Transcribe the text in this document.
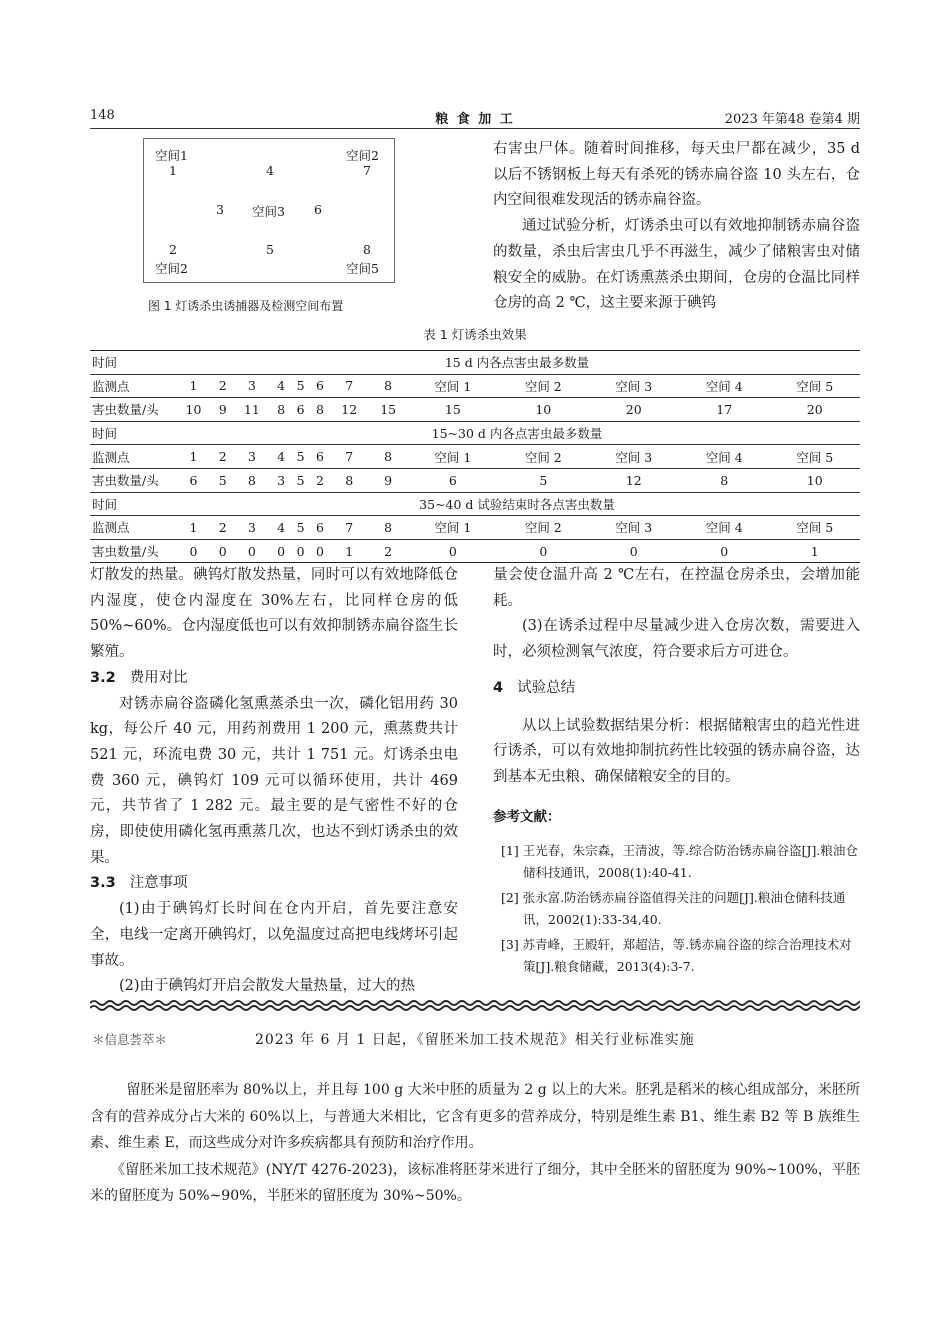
148	粮 食 加 工	2023 年第48 卷第4 期
空间1
1	4
空间2
7
3 空间3 6
2	5	8
空间2	空间5
图 1 灯诱杀虫诱捕器及检测空间布置

右害虫尸体。随着时间推移，每天虫尸都在减少，35 d 以后不锈钢板上每天有杀死的锈赤扁谷盗 10 头左右，仓内空间很难发现活的锈赤扁谷盗。

通过试验分析，灯诱杀虫可以有效地抑制锈赤扁谷盗的数量，杀虫后害虫几乎不再滋生，减少了储粮害虫对储粮安全的威胁。在灯诱熏蒸杀虫期间，仓房的仓温比同样仓房的高 2 ℃，这主要来源于碘钨

表 1 灯诱杀虫效果
时间	15 d 内各点害虫最多数量												
监测点	1	2	3	4	5	6	7	8	空间 1	空间 2	空间 3	空间 4	空间 5
害虫数量/头	10	9	11	8	6	8	12	15	15	10	20	17	20
时间	15~30 d 内各点害虫最多数量												
监测点	1	2	3	4	5	6	7	8	空间 1	空间 2	空间 3	空间 4	空间 5
害虫数量/头	6	5	8	3	5	2	8	9	6	5	12	8	10
时间	35~40 d 试验结束时各点害虫数量												
监测点	1	2	3	4	5	6	7	8	空间 1	空间 2	空间 3	空间 4	空间 5
害虫数量/头	0	0	0	0	0	0	1	2	0	0	0	0	1

灯散发的热量。碘钨灯散发热量，同时可以有效地降低仓内湿度，使仓内湿度在 30%左右，比同样仓房的低 50%~60%。仓内湿度低也可以有效抑制锈赤扁谷盗生长繁殖。

3.2 费用对比

对锈赤扁谷盗磷化氢熏蒸杀虫一次，磷化铝用药 30 kg，每公斤 40 元，用药剂费用 1 200 元，熏蒸费共计 521 元，环流电费 30 元，共计 1 751 元。灯诱杀虫电费 360 元，碘钨灯 109 元可以循环使用，共计 469 元，共节省了 1 282 元。最主要的是气密性不好的仓房，即使使用磷化氢再熏蒸几次，也达不到灯诱杀虫的效果。

3.3 注意事项

(1)由于碘钨灯长时间在仓内开启，首先要注意安全，电线一定离开碘钨灯，以免温度过高把电线烤坏引起事故。

(2)由于碘钨灯开启会散发大量热量，过大的热

量会使仓温升高 2 ℃左右，在控温仓房杀虫，会增加能耗。

(3)在诱杀过程中尽量减少进入仓房次数，需要进入时，必须检测氧气浓度，符合要求后方可进仓。

4 试验总结

从以上试验数据结果分析：根据储粮害虫的趋光性进行诱杀，可以有效地抑制抗药性比较强的锈赤扁谷盗，达到基本无虫粮、确保储粮安全的目的。

参考文献：

[1] 王光春，朱宗森，王清波，等.综合防治锈赤扁谷盗[J].粮油仓储科技通讯，2008(1):40-41.

[2] 张永富.防治锈赤扁谷盗值得关注的问题[J].粮油仓储科技通讯，2002(1):33-34,40.

[3] 苏青峰，王殿轩，郑超洁，等.锈赤扁谷盗的综合治理技术对策[J].粮食储藏，2013(4):3-7.

＊信息荟萃＊	2023 年 6 月 1 日起，《留胚米加工技术规范》相关行业标准实施

留胚米是留胚率为 80%以上，并且每 100 g 大米中胚的质量为 2 g 以上的大米。胚乳是稻米的核心组成部分，米胚所含有的营养成分占大米的 60%以上，与普通大米相比，它含有更多的营养成分，特别是维生素 B1、维生素 B2 等 B 族维生素、维生素 E，而这些成分对许多疾病都具有预防和治疗作用。

《留胚米加工技术规范》(NY/T 4276-2023)，该标准将胚芽米进行了细分，其中全胚米的留胚度为 90%~100%，平胚米的留胚度为 50%~90%，半胚米的留胚度为 30%~50%。
